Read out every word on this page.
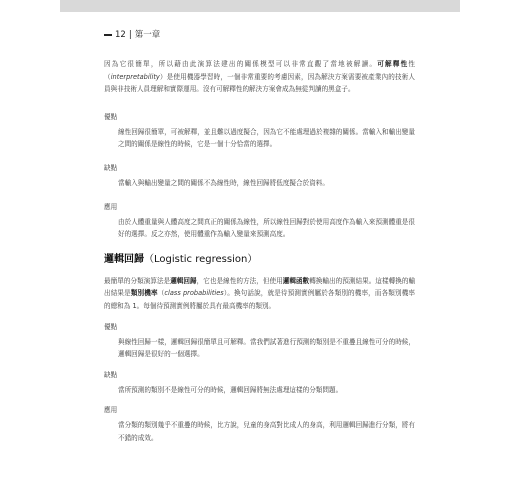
12 | 第一章

因為它很簡單，所以藉由此演算法建出的關係模型可以非常直觀了當地被解讀。可解釋性性（interpretability）是使用機器學習時，一個非常重要的考慮因素，因為解決方案需要被產業內的技術人員與非技術人員理解和實際運用。沒有可解釋性的解決方案會成為無從判讀的黑盒子。

優點

線性回歸很簡單，可被解釋，並且難以過度擬合，因為它不能處理過於複雜的關係。當輸入和輸出變量之間的關係是線性的時候，它是一個十分恰當的選擇。

缺點

當輸入與輸出變量之間的關係不為線性時，線性回歸將低度擬合於資料。

應用

由於人體重量與人體高度之間真正的關係為線性，所以線性回歸對於使用高度作為輸入來預測體重是很好的選擇。反之亦然，使用體重作為輸入變量來預測高度。

邏輯回歸（Logistic regression）

最簡單的分類演算法是邏輯回歸，它也是線性的方法，但使用邏輯函數轉換輸出的預測結果。這樣轉換的輸出結果是類別機率（class probabilities）。換句話說，就是待預測實例屬於各類別的機率，而各類別機率的總和為 1。每個待預測實例將屬於具有最高機率的類別。

優點

與線性回歸一樣，邏輯回歸很簡單且可解釋。當我們試著進行預測的類別是不重疊且線性可分的時候，邏輯回歸是很好的一個選擇。

缺點

當所預測的類別不是線性可分的時候，邏輯回歸將無法處理這樣的分類問題。

應用

當分類的類別幾乎不重疊的時候，比方說，兒童的身高對比成人的身高，利用邏輯回歸進行分類，將有不錯的成效。
